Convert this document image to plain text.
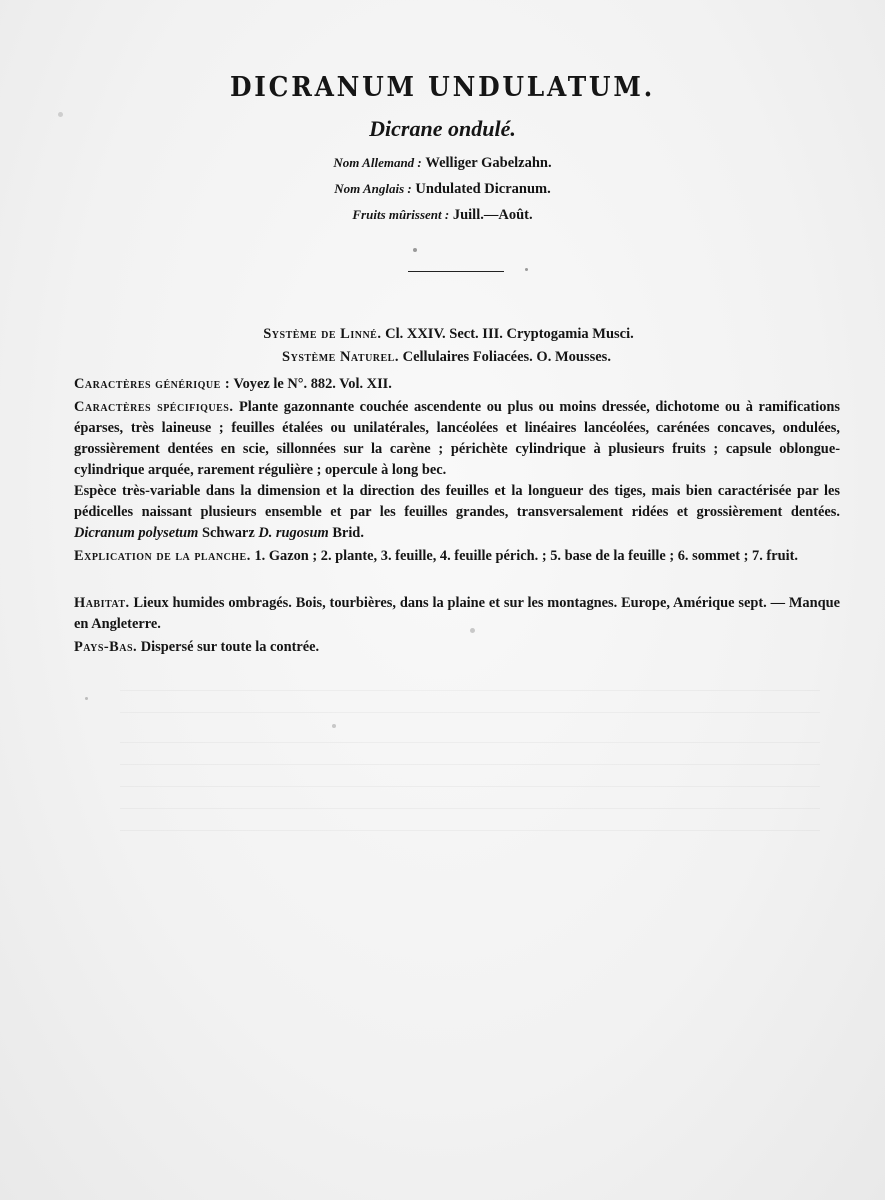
DICRANUM UNDULATUM.
Dicrane ondulé.
Nom Allemand : Welliger Gabelzahn.
Nom Anglais : Undulated Dicranum.
Fruits mûrissent : Juill.—Août.
Système de Linné. Cl. XXIV. Sect. III. Cryptogamia Musci.
Système Naturel. Cellulaires Foliacées. O. Mousses.
Caractères générique : Voyez le N°. 882. Vol. XII.
Caractères spécifiques. Plante gazonnante couchée ascendente ou plus ou moins dressée, dichotome ou à ramifications éparses, très laineuse ; feuilles étalées ou unilatérales, lancéolées et linéaires lancéolées, carénées concaves, ondulées, grossièrement dentées en scie, sillonnées sur la carène ; périchète cylindrique à plusieurs fruits ; capsule oblongue-cylindrique arquée, rarement régulière ; opercule à long bec.
Espèce très-variable dans la dimension et la direction des feuilles et la longueur des tiges, mais bien caractérisée par les pédicelles naissant plusieurs ensemble et par les feuilles grandes, transversalement ridées et grossièrement dentées. Dicranum polysetum Schwarz D. rugosum Brid.
Explication de la planche. 1. Gazon ; 2. plante, 3. feuille, 4. feuille périch. ; 5. base de la feuille ; 6. sommet ; 7. fruit.
Habitat. Lieux humides ombragés. Bois, tourbières, dans la plaine et sur les montagnes. Europe, Amérique sept. — Manque en Angleterre.
Pays-Bas. Dispersé sur toute la contrée.
